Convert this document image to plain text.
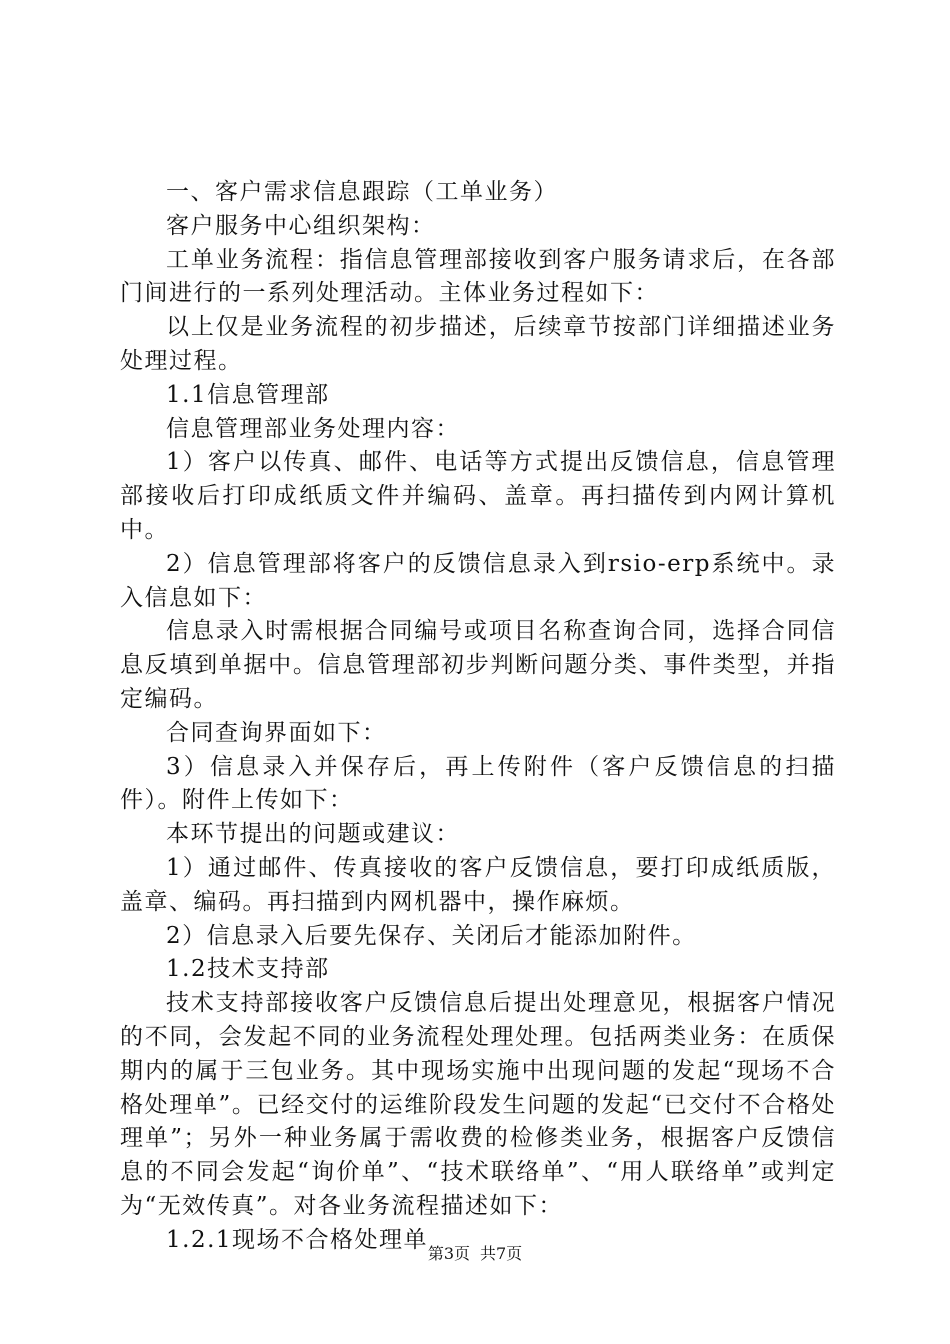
一、客户需求信息跟踪（工单业务）

客户服务中心组织架构：

工单业务流程：指信息管理部接收到客户服务请求后，在各部门间进行的一系列处理活动。主体业务过程如下：

以上仅是业务流程的初步描述，后续章节按部门详细描述业务处理过程。

1.1信息管理部

信息管理部业务处理内容：

1）客户以传真、邮件、电话等方式提出反馈信息，信息管理部接收后打印成纸质文件并编码、盖章。再扫描传到内网计算机中。

2）信息管理部将客户的反馈信息录入到rsio-erp系统中。录入信息如下：

信息录入时需根据合同编号或项目名称查询合同，选择合同信息反填到单据中。信息管理部初步判断问题分类、事件类型，并指定编码。

合同查询界面如下：

3）信息录入并保存后，再上传附件（客户反馈信息的扫描件）。附件上传如下：

本环节提出的问题或建议：

1）通过邮件、传真接收的客户反馈信息，要打印成纸质版，盖章、编码。再扫描到内网机器中，操作麻烦。

2）信息录入后要先保存、关闭后才能添加附件。

1.2技术支持部

技术支持部接收客户反馈信息后提出处理意见，根据客户情况的不同，会发起不同的业务流程处理处理。包括两类业务：在质保期内的属于三包业务。其中现场实施中出现问题的发起“现场不合格处理单”。已经交付的运维阶段发生问题的发起“已交付不合格处理单”；另外一种业务属于需收费的检修类业务，根据客户反馈信息的不同会发起“询价单”、“技术联络单”、“用人联络单”或判定为“无效传真”。对各业务流程描述如下：

1.2.1现场不合格处理单

第3页 共7页
